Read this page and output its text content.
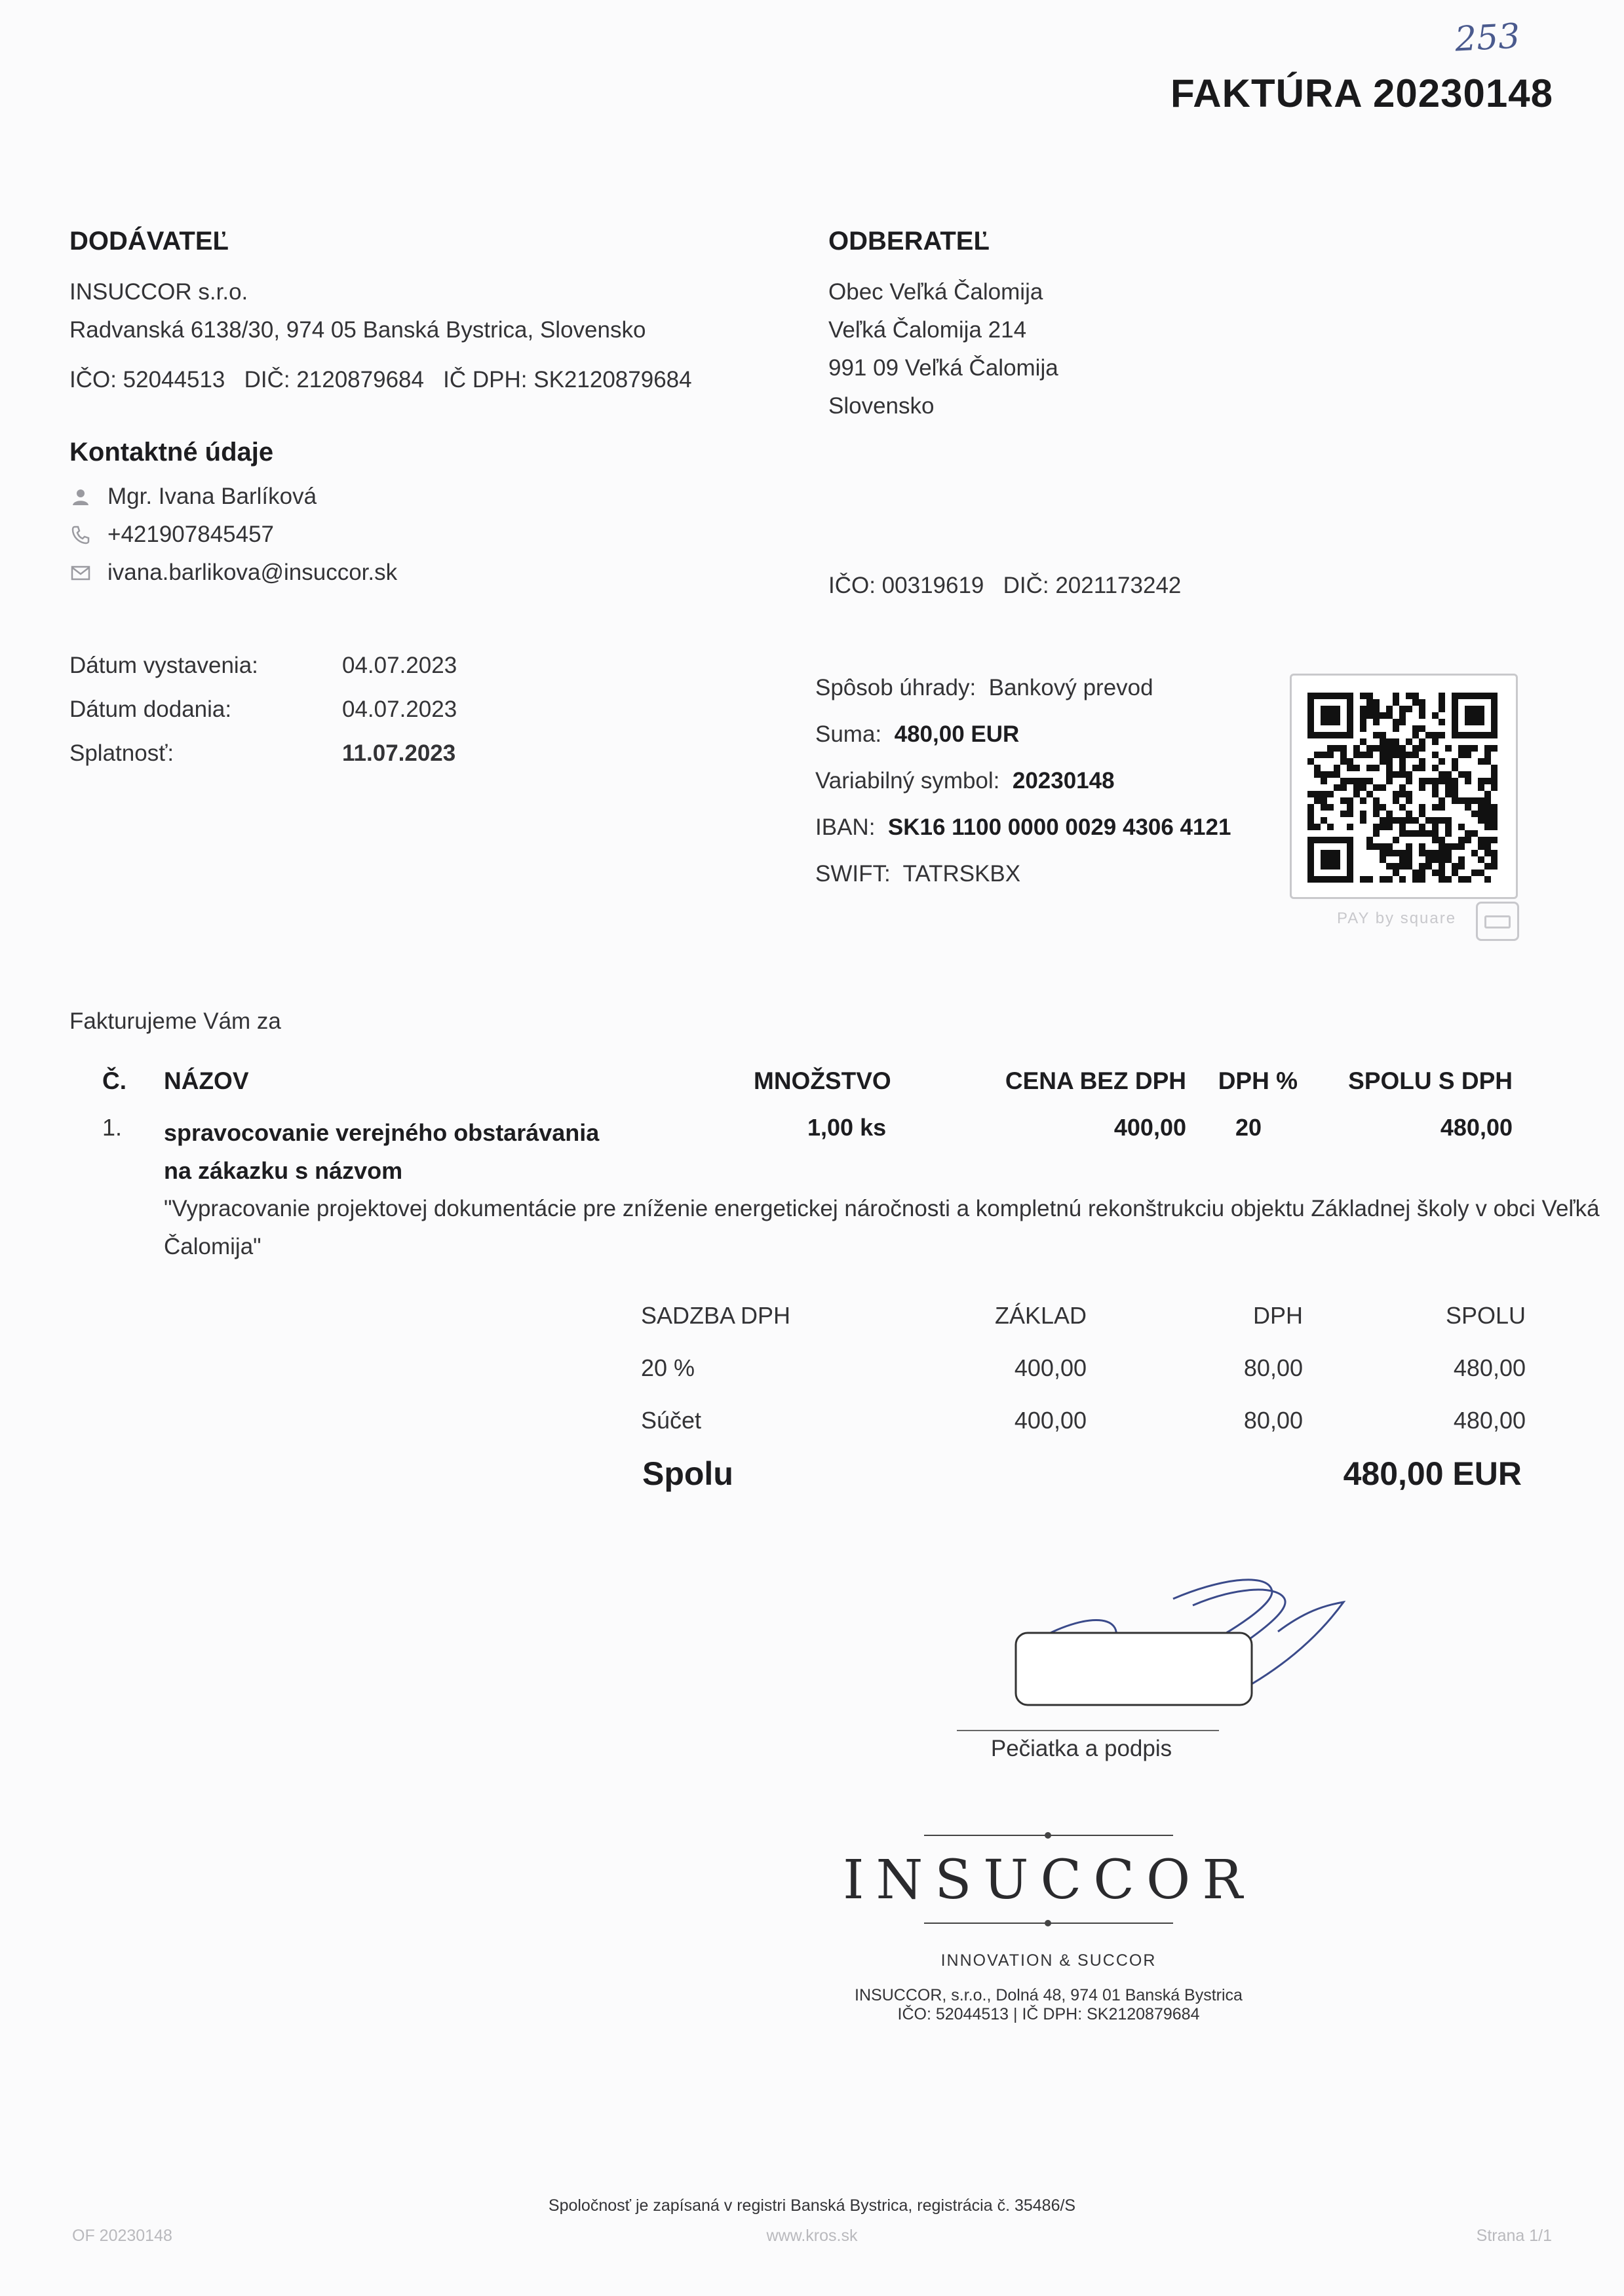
253
FAKTÚRA 20230148
DODÁVATEĽ
INSUCCOR s.r.o.
Radvanská 6138/30, 974 05 Banská Bystrica, Slovensko
IČO: 52044513 DIČ: 2120879684 IČ DPH: SK2120879684
Kontaktné údaje
Mgr. Ivana Barlíková
+421907845457
ivana.barlikova@insuccor.sk
ODBERATEĽ
Obec Veľká Čalomija
Veľká Čalomija 214
991 09 Veľká Čalomija
Slovensko
IČO: 00319619 DIČ: 2021173242
Dátum vystavenia:	04.07.2023
Dátum dodania:	04.07.2023
Splatnosť:	11.07.2023
Spôsob úhrady: Bankový prevod
Suma: 480,00 EUR
Variabilný symbol: 20230148
IBAN: SK16 1100 0000 0029 4306 4121
SWIFT: TATRSKBX
PAY by square
Fakturujeme Vám za
Č.	NÁZOV	MNOŽSTVO	CENA BEZ DPH	DPH %	SPOLU S DPH
1.	spravocovanie verejného obstarávania
na zákazku s názvom
	1,00 ks	400,00	20	480,00
"Vypracovanie projektovej dokumentácie pre zníženie energetickej náročnosti a kompletnú rekonštrukciu objektu Základnej školy v obci Veľká Čalomija"
SADZBA DPH	ZÁKLAD	DPH	SPOLU
20 %	400,00	80,00	480,00
Súčet	400,00	80,00	480,00
Spolu	480,00 EUR
Pečiatka a podpis
INSUCCOR
INNOVATION & SUCCOR
INSUCCOR, s.r.o., Dolná 48, 974 01 Banská Bystrica
IČO: 52044513 | IČ DPH: SK2120879684
Spoločnosť je zapísaná v registri Banská Bystrica, registrácia č. 35486/S
OF 20230148	www.kros.sk	Strana 1/1
